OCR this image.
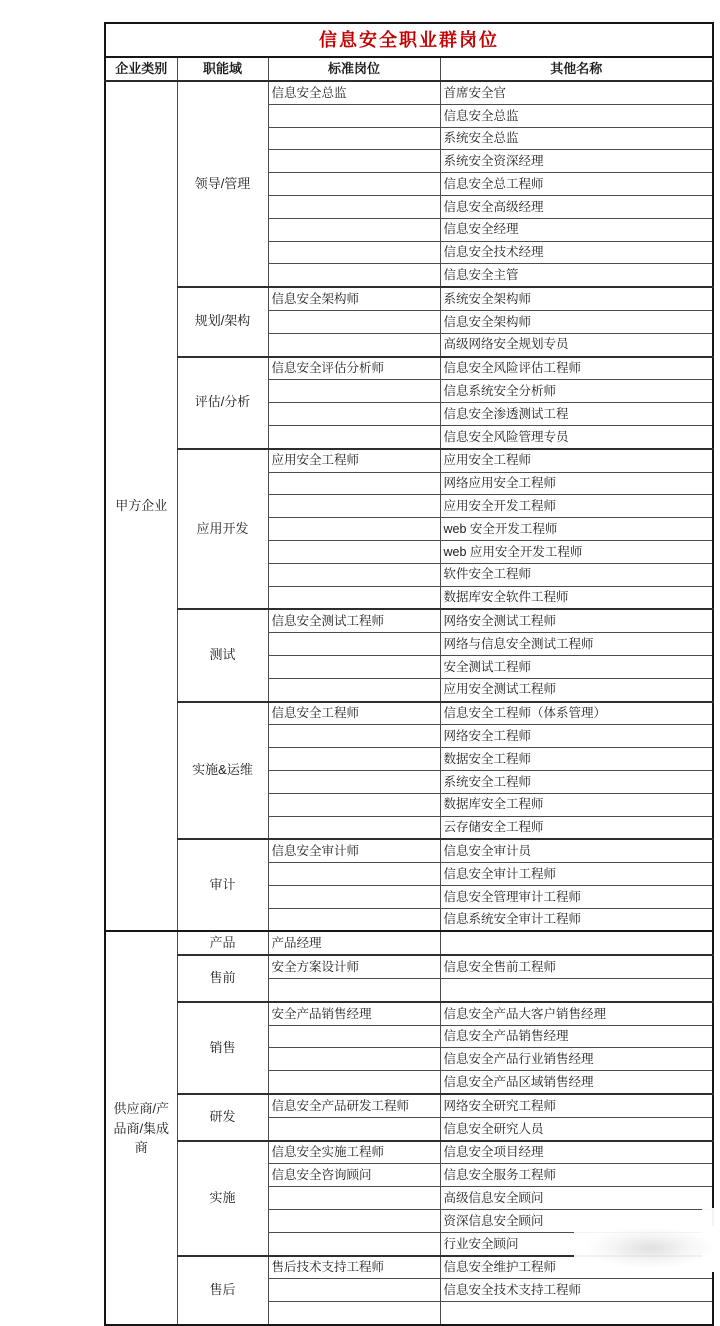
信息安全职业群岗位			
企业类别	职能域	标准岗位	其他名称
甲方企业	领导/管理	信息安全总监	首席安全官
			信息安全总监
			系统安全总监
			系统安全资深经理
			信息安全总工程师
			信息安全高级经理
			信息安全经理
			信息安全技术经理
			信息安全主管
	规划/架构	信息安全架构师	系统安全架构师
			信息安全架构师
			高级网络安全规划专员
	评估/分析	信息安全评估分析师	信息安全风险评估工程师
			信息系统安全分析师
			信息安全渗透测试工程
			信息安全风险管理专员
	应用开发	应用安全工程师	应用安全工程师
			网络应用安全工程师
			应用安全开发工程师
			web 安全开发工程师
			web 应用安全开发工程师
			软件安全工程师
			数据库安全软件工程师
	测试	信息安全测试工程师	网络安全测试工程师
			网络与信息安全测试工程师
			安全测试工程师
			应用安全测试工程师
	实施&运维	信息安全工程师	信息安全工程师（体系管理）
			网络安全工程师
			数据安全工程师
			系统安全工程师
			数据库安全工程师
			云存储安全工程师
	审计	信息安全审计师	信息安全审计员
			信息安全审计工程师
			信息安全管理审计工程师
			信息系统安全审计工程师
供应商/产品商/集成商	产品	产品经理	
	售前	安全方案设计师	信息安全售前工程师

	销售	安全产品销售经理	信息安全产品大客户销售经理
			信息安全产品销售经理
			信息安全产品行业销售经理
			信息安全产品区域销售经理
	研发	信息安全产品研发工程师	网络安全研究工程师
			信息安全研究人员
	实施	信息安全实施工程师	信息安全项目经理
		信息安全咨询顾问	信息安全服务工程师
			高级信息安全顾问
			资深信息安全顾问
			行业安全顾问
	售后	售后技术支持工程师	信息安全维护工程师
			信息安全技术支持工程师
